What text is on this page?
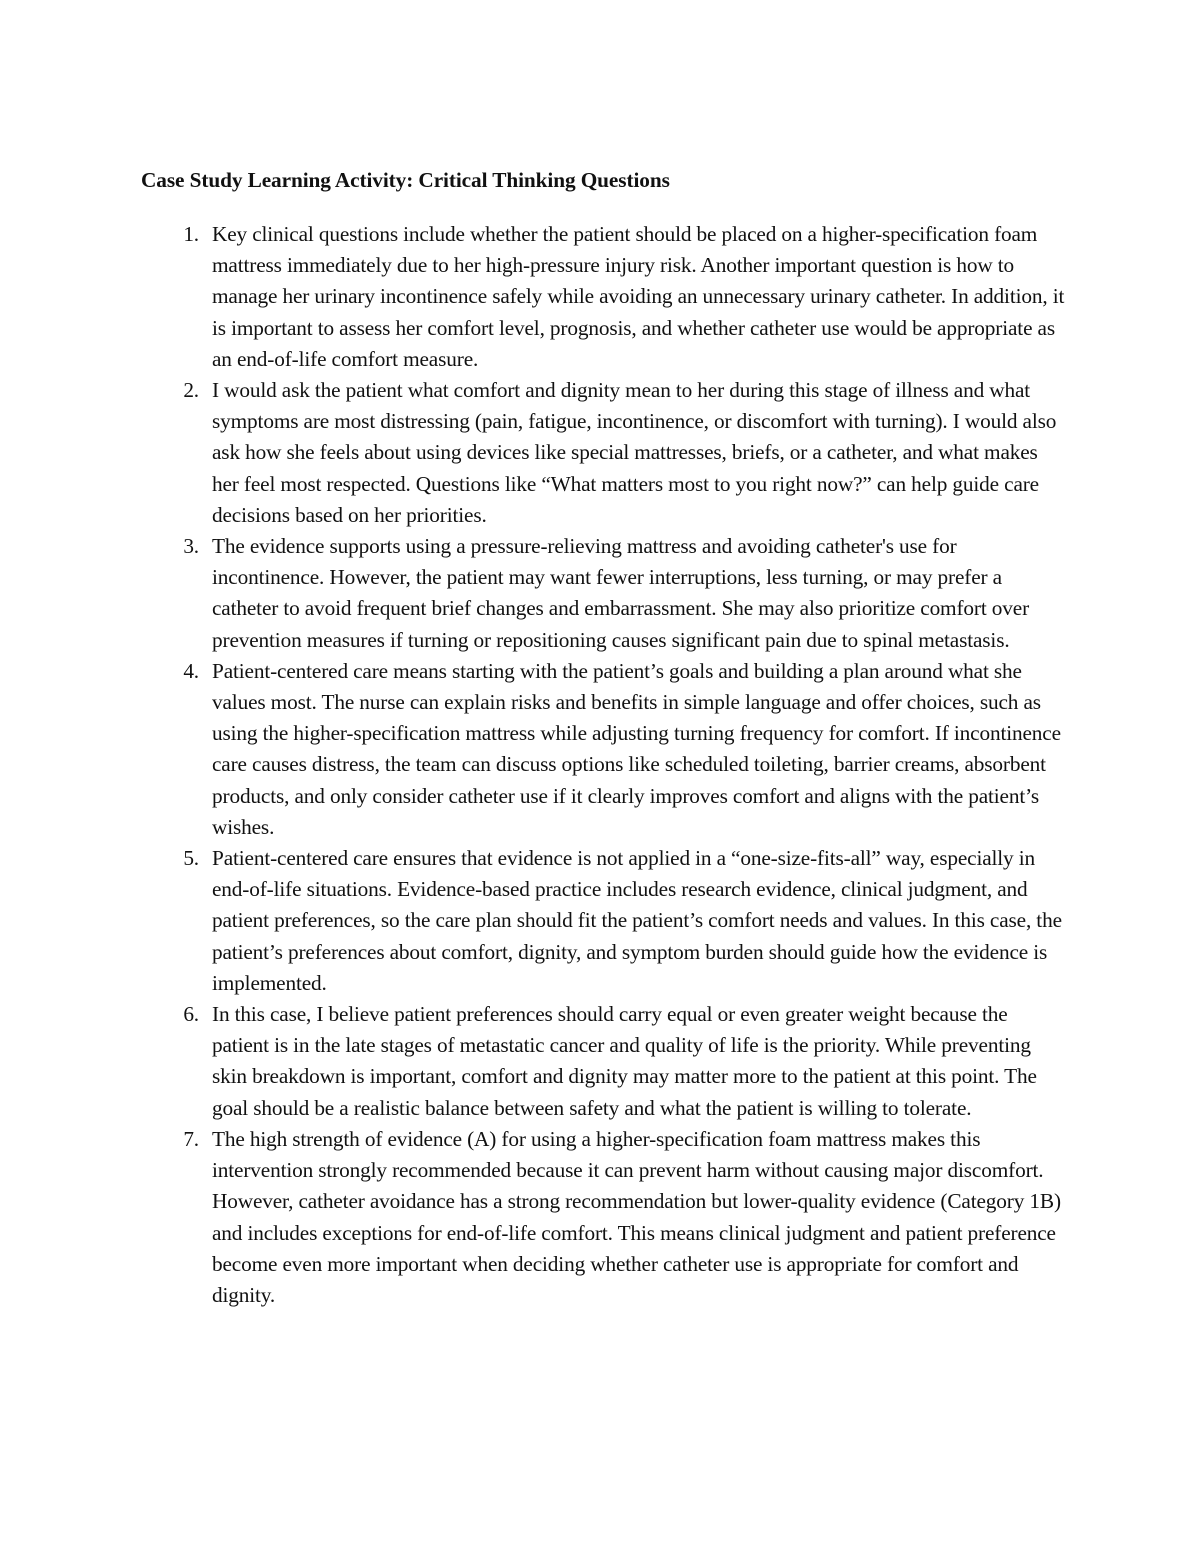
Case Study Learning Activity: Critical Thinking Questions
1. Key clinical questions include whether the patient should be placed on a higher-specification foam mattress immediately due to her high-pressure injury risk. Another important question is how to manage her urinary incontinence safely while avoiding an unnecessary urinary catheter. In addition, it is important to assess her comfort level, prognosis, and whether catheter use would be appropriate as an end-of-life comfort measure.
2. I would ask the patient what comfort and dignity mean to her during this stage of illness and what symptoms are most distressing (pain, fatigue, incontinence, or discomfort with turning). I would also ask how she feels about using devices like special mattresses, briefs, or a catheter, and what makes her feel most respected. Questions like “What matters most to you right now?” can help guide care decisions based on her priorities.
3. The evidence supports using a pressure-relieving mattress and avoiding catheter's use for incontinence. However, the patient may want fewer interruptions, less turning, or may prefer a catheter to avoid frequent brief changes and embarrassment. She may also prioritize comfort over prevention measures if turning or repositioning causes significant pain due to spinal metastasis.
4. Patient-centered care means starting with the patient’s goals and building a plan around what she values most. The nurse can explain risks and benefits in simple language and offer choices, such as using the higher-specification mattress while adjusting turning frequency for comfort. If incontinence care causes distress, the team can discuss options like scheduled toileting, barrier creams, absorbent products, and only consider catheter use if it clearly improves comfort and aligns with the patient’s wishes.
5. Patient-centered care ensures that evidence is not applied in a “one-size-fits-all” way, especially in end-of-life situations. Evidence-based practice includes research evidence, clinical judgment, and patient preferences, so the care plan should fit the patient’s comfort needs and values. In this case, the patient’s preferences about comfort, dignity, and symptom burden should guide how the evidence is implemented.
6. In this case, I believe patient preferences should carry equal or even greater weight because the patient is in the late stages of metastatic cancer and quality of life is the priority. While preventing skin breakdown is important, comfort and dignity may matter more to the patient at this point. The goal should be a realistic balance between safety and what the patient is willing to tolerate.
7. The high strength of evidence (A) for using a higher-specification foam mattress makes this intervention strongly recommended because it can prevent harm without causing major discomfort. However, catheter avoidance has a strong recommendation but lower-quality evidence (Category 1B) and includes exceptions for end-of-life comfort. This means clinical judgment and patient preference become even more important when deciding whether catheter use is appropriate for comfort and dignity.
